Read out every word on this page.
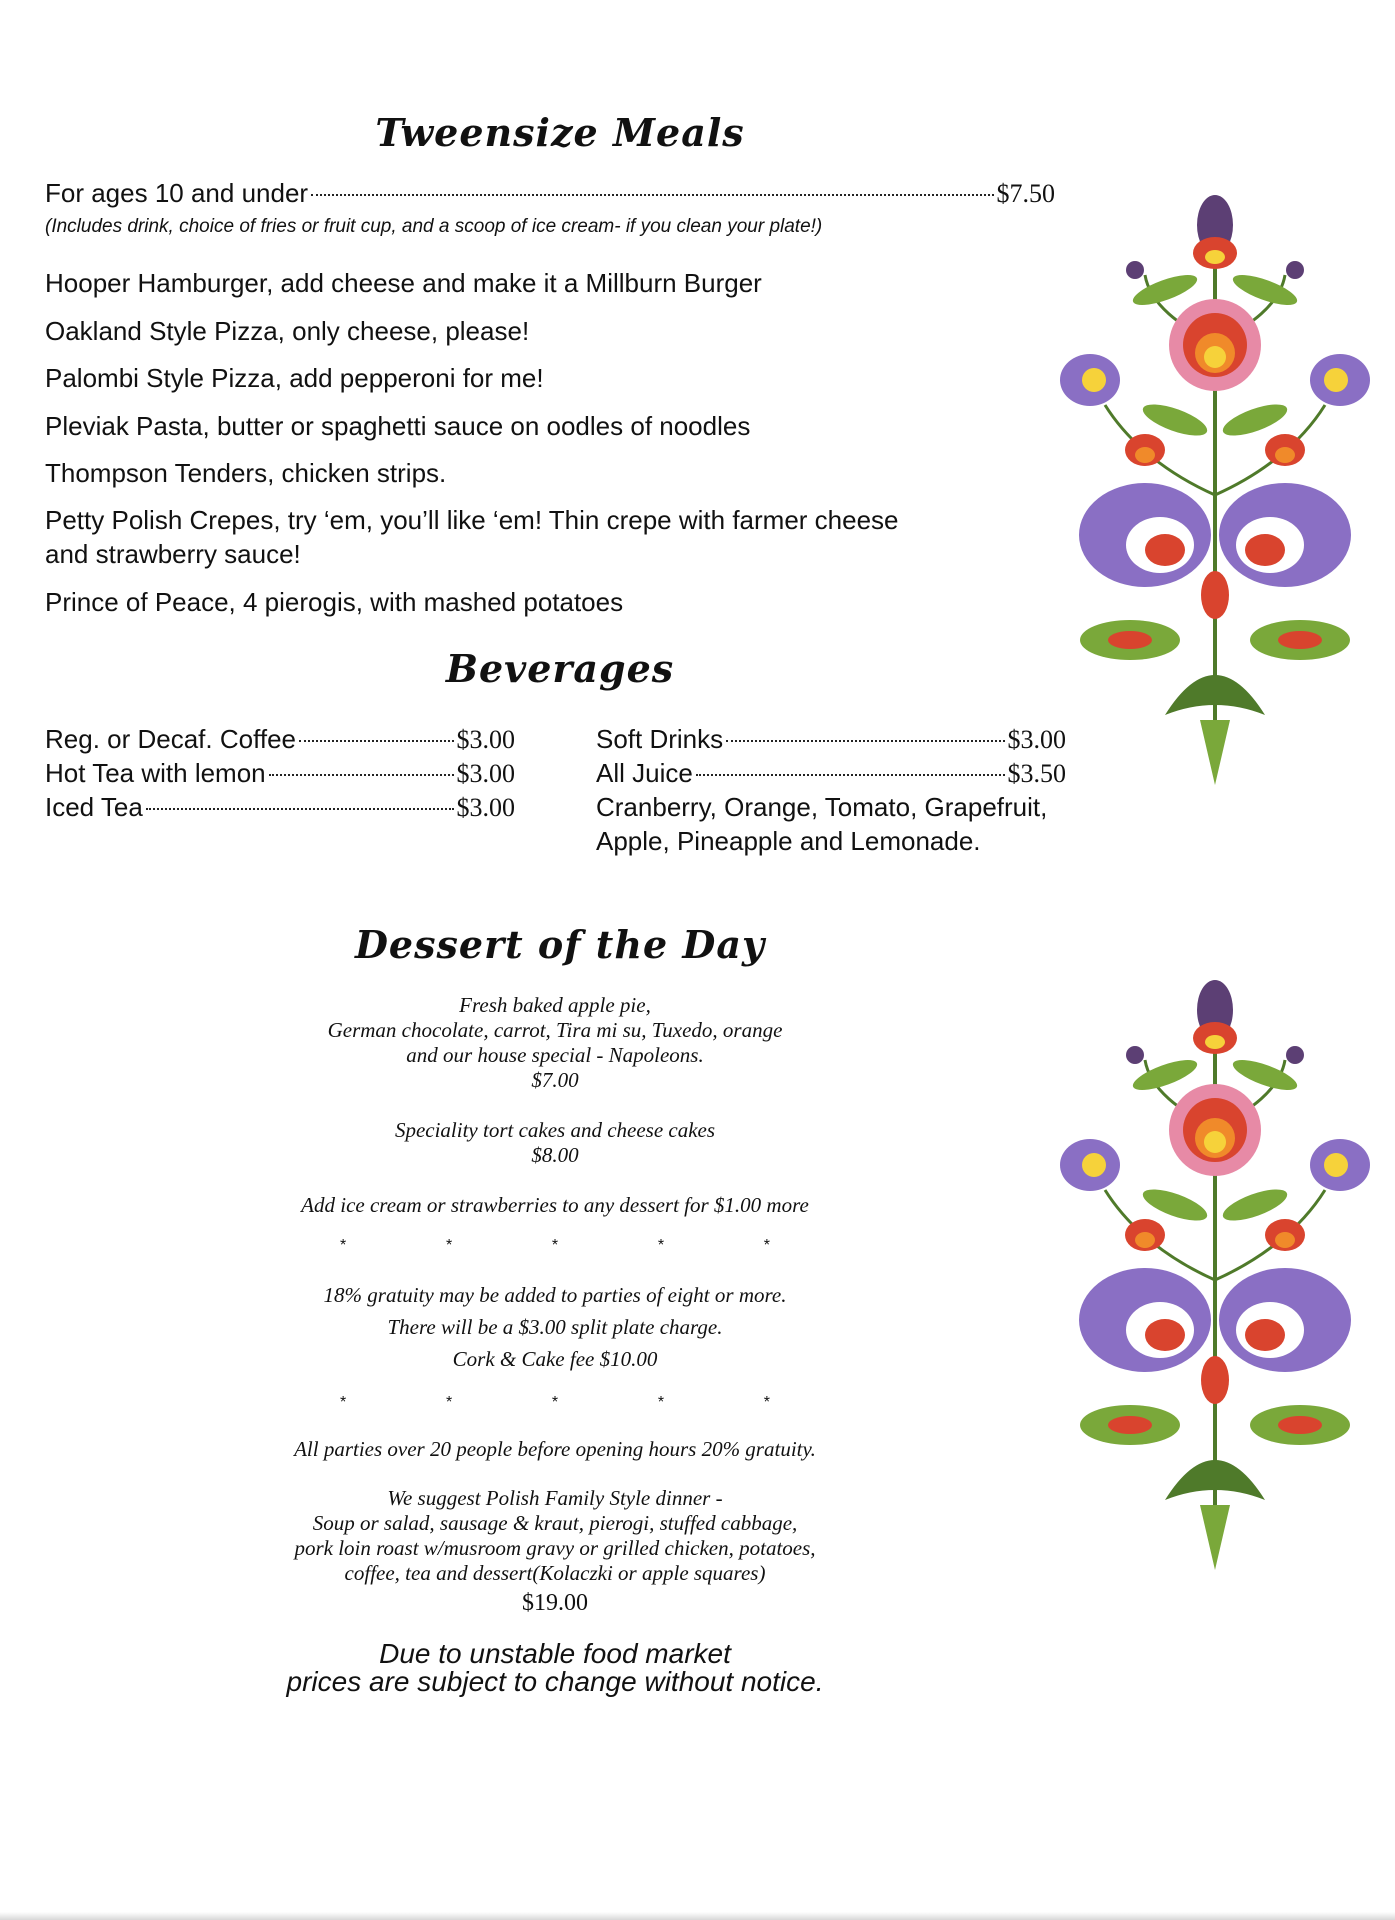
Tweensize Meals
For ages 10 and under	$7.50
(Includes drink, choice of fries or fruit cup, and a scoop of ice cream- if you clean your plate!)
Hooper Hamburger, add cheese and make it a Millburn Burger
Oakland Style Pizza, only cheese, please!
Palombi Style Pizza, add pepperoni for me!
Pleviak Pasta, butter or spaghetti sauce on oodles of noodles
Thompson Tenders, chicken strips.
Petty Polish Crepes, try ‘em, you’ll like ‘em! Thin crepe with farmer cheese
and strawberry sauce!
Prince of Peace, 4 pierogis, with mashed potatoes
Beverages
Reg. or Decaf. Coffee	$3.00
Hot Tea with lemon	$3.00
Iced Tea	$3.00
Soft Drinks	$3.00
All Juice	$3.50
Cranberry, Orange, Tomato, Grapefruit,
Apple, Pineapple and Lemonade.
Dessert of the Day
Fresh baked apple pie,
German chocolate, carrot, Tira mi su, Tuxedo, orange
and our house special - Napoleons.
$7.00
Speciality tort cakes and cheese cakes
$8.00
Add ice cream or strawberries to any dessert for $1.00 more
*	*	*	*	*
18% gratuity may be added to parties of eight or more.
There will be a $3.00 split plate charge.
Cork & Cake fee $10.00
*	*	*	*	*
All parties over 20 people before opening hours 20% gratuity.
We suggest Polish Family Style dinner -
Soup or salad, sausage & kraut, pierogi, stuffed cabbage,
pork loin roast w/musroom gravy or grilled chicken, potatoes,
coffee, tea and dessert(Kolaczki or apple squares)
$19.00
Due to unstable food market
prices are subject to change without notice.
